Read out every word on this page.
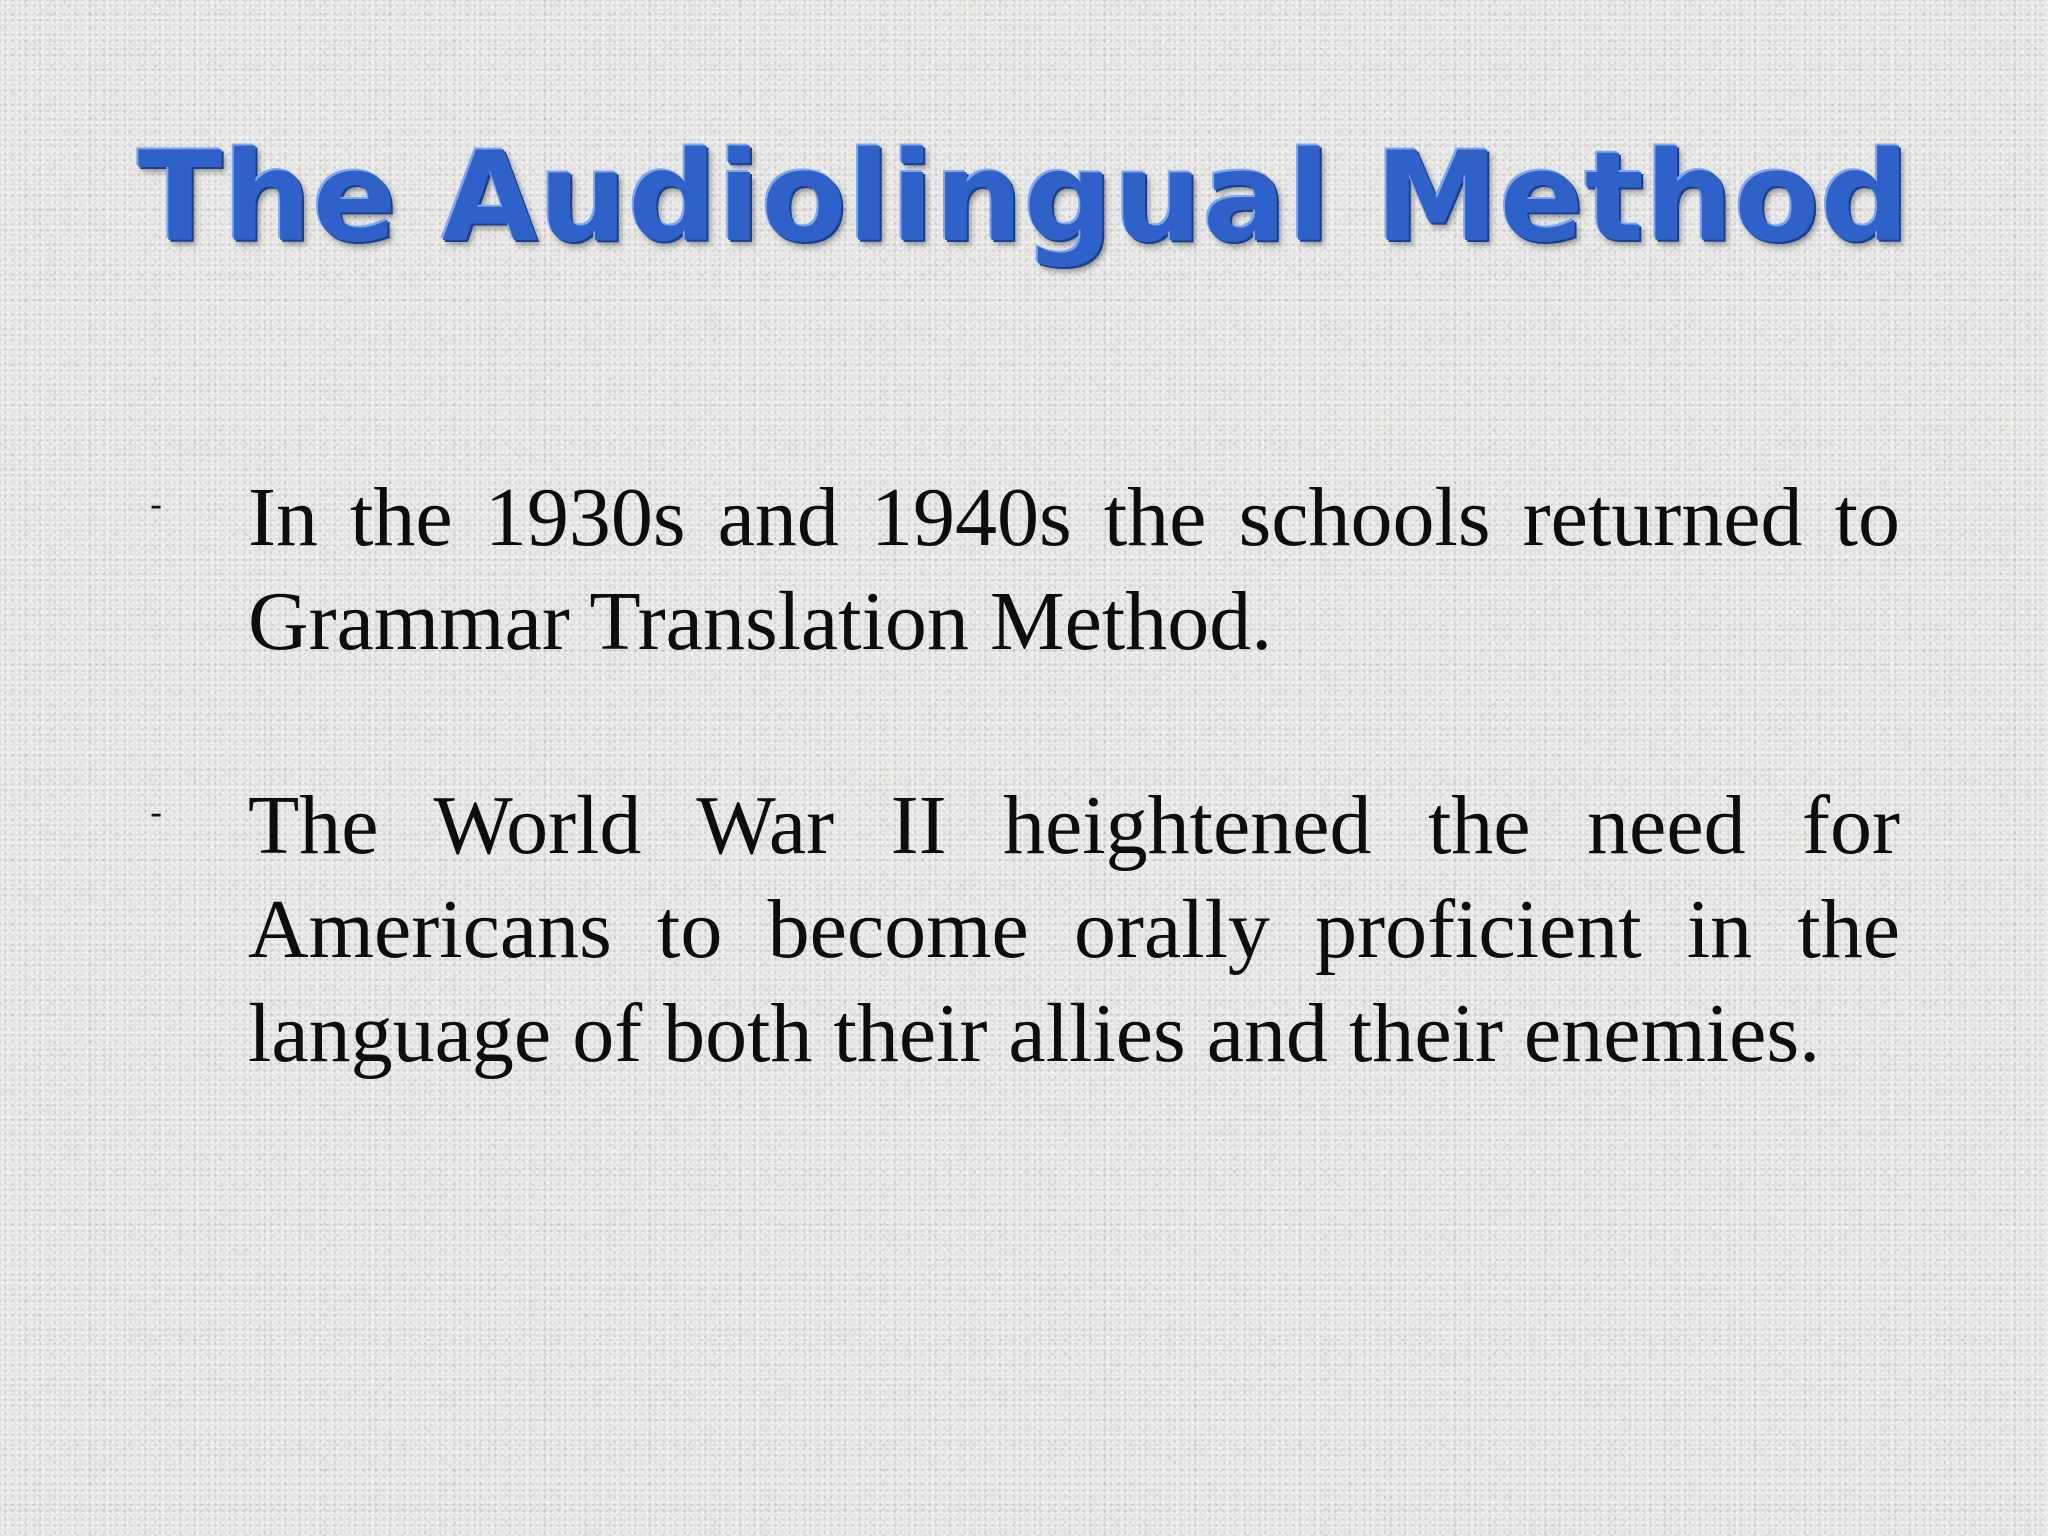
The Audiolingual Method
- In the 1930s and 1940s the schools returned to Grammar Translation Method.
- The World War II heightened the need for Americans to become orally proficient in the language of both their allies and their enemies.
